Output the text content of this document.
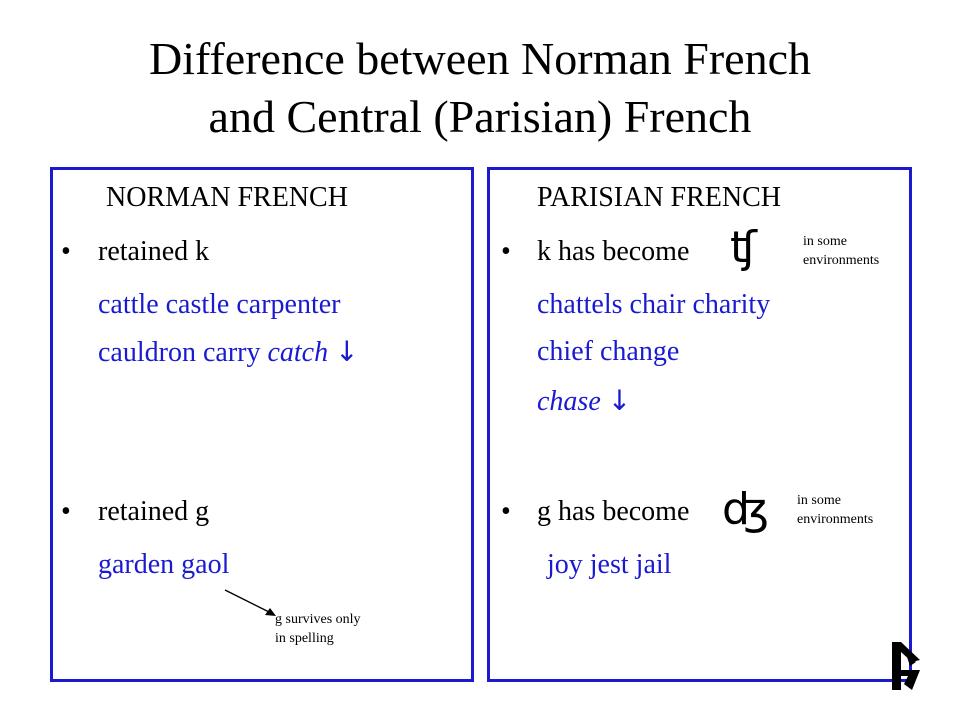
Difference between Norman French
and Central (Parisian) French
NORMAN FRENCH
• retained k
cattle castle carpenter
cauldron carry catch ↓
• retained g
garden gaol
g survives only
in spelling
PARISIAN FRENCH
• k has become ʧ	in some
environments
chattels chair charity
chief change
chase ↓
• g has become ʤ in some
environments
joy jest jail
